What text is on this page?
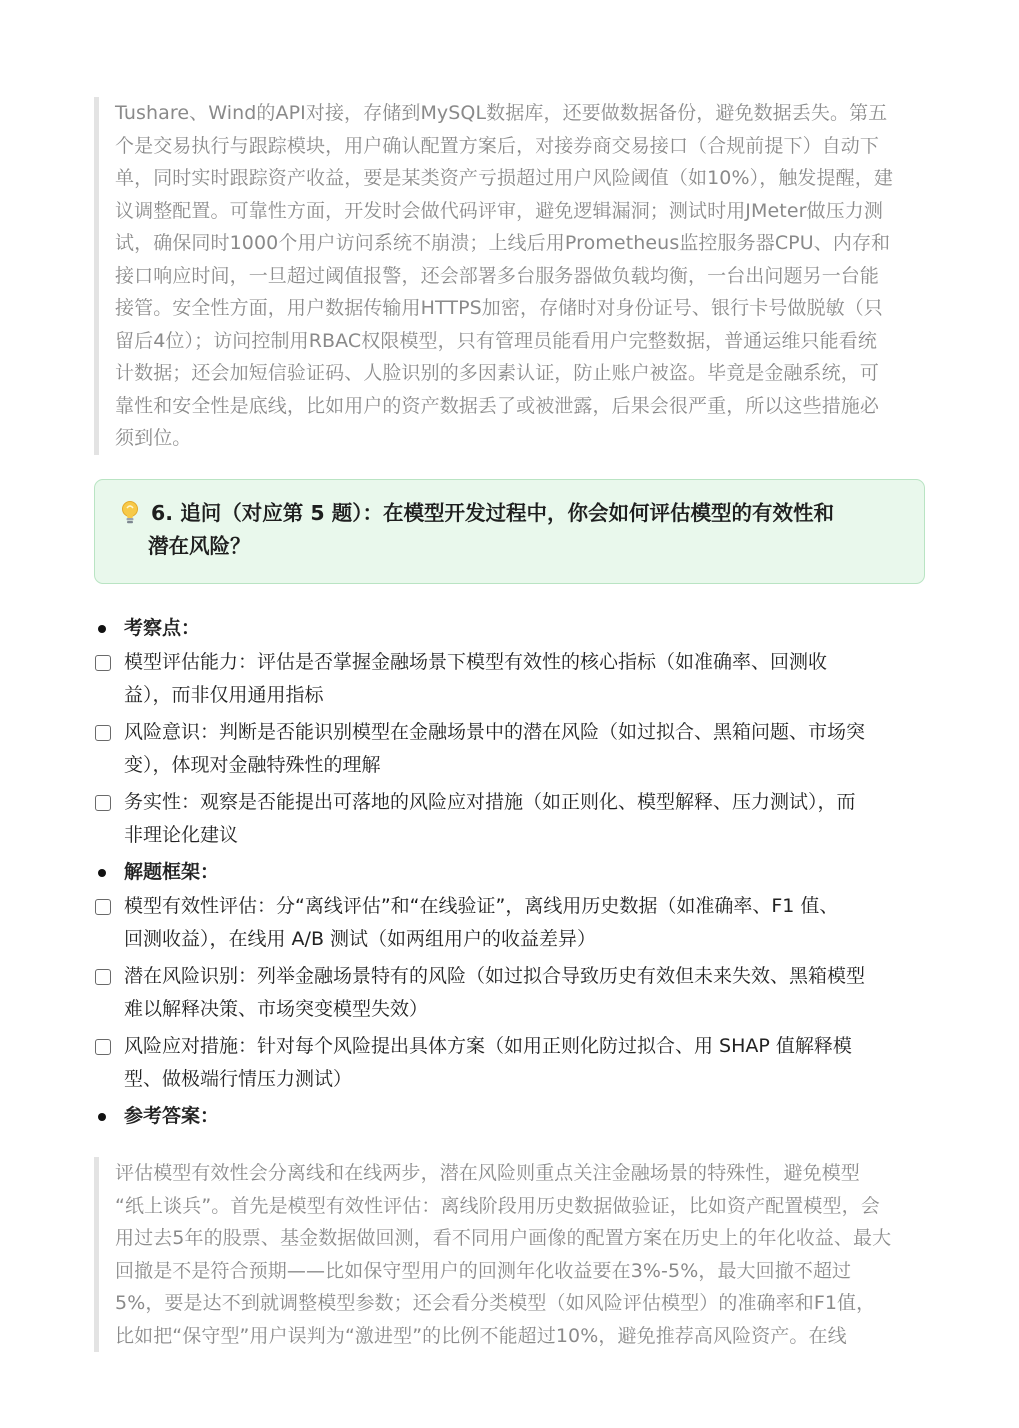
Tushare、Wind的API对接，存储到MySQL数据库，还要做数据备份，避免数据丢失。第五
个是交易执行与跟踪模块，用户确认配置方案后，对接券商交易接口（合规前提下）自动下
单，同时实时跟踪资产收益，要是某类资产亏损超过用户风险阈值（如10%），触发提醒，建
议调整配置。可靠性方面，开发时会做代码评审，避免逻辑漏洞；测试时用JMeter做压力测
试，确保同时1000个用户访问系统不崩溃；上线后用Prometheus监控服务器CPU、内存和
接口响应时间，一旦超过阈值报警，还会部署多台服务器做负载均衡，一台出问题另一台能
接管。安全性方面，用户数据传输用HTTPS加密，存储时对身份证号、银行卡号做脱敏（只
留后4位）；访问控制用RBAC权限模型，只有管理员能看用户完整数据，普通运维只能看统
计数据；还会加短信验证码、人脸识别的多因素认证，防止账户被盗。毕竟是金融系统，可
靠性和安全性是底线，比如用户的资产数据丢了或被泄露，后果会很严重，所以这些措施必
须到位。
6. 追问（对应第 5 题）：在模型开发过程中，你会如何评估模型的有效性和
潜在风险？
考察点：
模型评估能力：评估是否掌握金融场景下模型有效性的核心指标（如准确率、回测收
益），而非仅用通用指标
风险意识：判断是否能识别模型在金融场景中的潜在风险（如过拟合、黑箱问题、市场突
变），体现对金融特殊性的理解
务实性：观察是否能提出可落地的风险应对措施（如正则化、模型解释、压力测试），而
非理论化建议
解题框架：
模型有效性评估：分“离线评估”和“在线验证”，离线用历史数据（如准确率、F1 值、
回测收益），在线用 A/B 测试（如两组用户的收益差异）
潜在风险识别：列举金融场景特有的风险（如过拟合导致历史有效但未来失效、黑箱模型
难以解释决策、市场突变模型失效）
风险应对措施：针对每个风险提出具体方案（如用正则化防过拟合、用 SHAP 值解释模
型、做极端行情压力测试）
参考答案：
评估模型有效性会分离线和在线两步，潜在风险则重点关注金融场景的特殊性，避免模型
“纸上谈兵”。首先是模型有效性评估：离线阶段用历史数据做验证，比如资产配置模型，会
用过去5年的股票、基金数据做回测，看不同用户画像的配置方案在历史上的年化收益、最大
回撤是不是符合预期——比如保守型用户的回测年化收益要在3%-5%，最大回撤不超过
5%，要是达不到就调整模型参数；还会看分类模型（如风险评估模型）的准确率和F1值，
比如把“保守型”用户误判为“激进型”的比例不能超过10%，避免推荐高风险资产。在线
